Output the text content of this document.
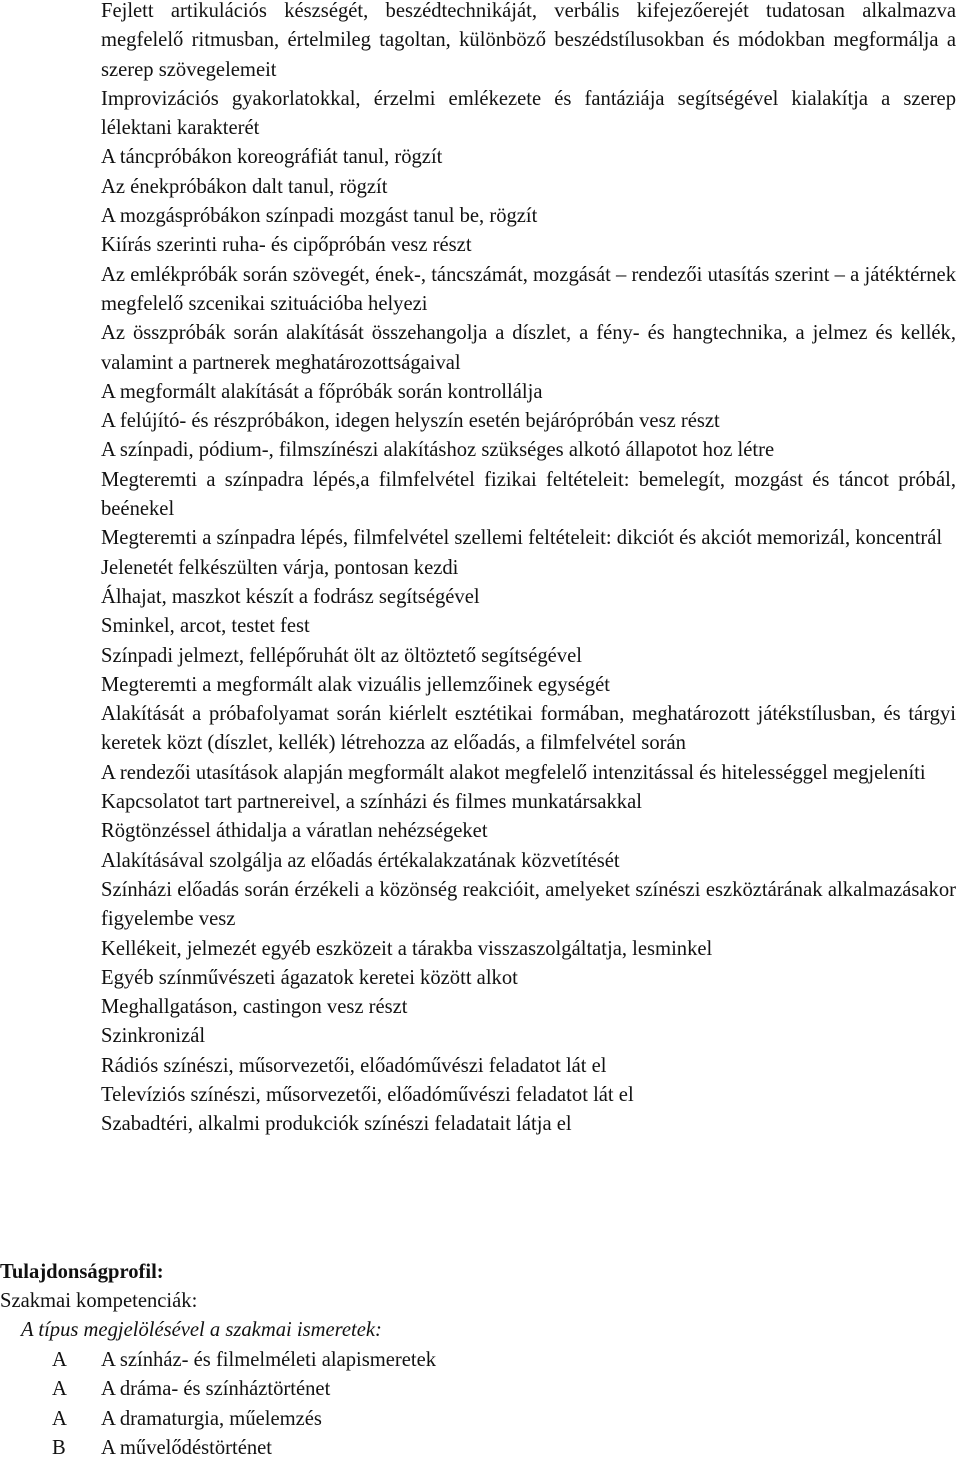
Fejlett artikulációs készségét, beszédtechnikáját, verbális kifejezőerejét tudatosan alkalmazva megfelelő ritmusban, értelmileg tagoltan, különböző beszédstílusokban és módokban megformálja a szerep szövegelemeit
Improvizációs gyakorlatokkal, érzelmi emlékezete és fantáziája segítségével kialakítja a szerep lélektani karakterét
A táncpróbákon koreográfiát tanul, rögzít
Az énekpróbákon dalt tanul, rögzít
A mozgáspróbákon színpadi mozgást tanul be, rögzít
Kiírás szerinti ruha- és cipőpróbán vesz részt
Az emlékpróbák során szövegét, ének-, táncszámát, mozgását – rendezői utasítás szerint – a játéktérnek megfelelő szcenikai szituációba helyezi
Az összpróbák során alakítását összehangolja a díszlet, a fény- és hangtechnika, a jelmez és kellék, valamint a partnerek meghatározottságaival
A megformált alakítását a főpróbák során kontrollálja
A felújító- és részpróbákon, idegen helyszín esetén bejárópróbán vesz részt
A színpadi, pódium-, filmszínészi alakításhoz szükséges alkotó állapotot hoz létre
Megteremti a színpadra lépés,a filmfelvétel fizikai feltételeit: bemelegít, mozgást és táncot próbál, beénekel
Megteremti a színpadra lépés, filmfelvétel szellemi feltételeit: dikciót és akciót memorizál, koncentrál
Jelenetét felkészülten várja, pontosan kezdi
Álhajat, maszkot készít a fodrász segítségével
Sminkel, arcot, testet fest
Színpadi jelmezt, fellépőruhát ölt az öltöztető segítségével
Megteremti a megformált alak vizuális jellemzőinek egységét
Alakítását a próbafolyamat során kiérlelt esztétikai formában, meghatározott játékstílusban, és tárgyi keretek közt (díszlet, kellék) létrehozza az előadás, a filmfelvétel során
A rendezői utasítások alapján megformált alakot megfelelő intenzitással és hitelességgel megjeleníti
Kapcsolatot tart partnereivel, a színházi és filmes munkatársakkal
Rögtönzéssel áthidalja a váratlan nehézségeket
Alakításával szolgálja az előadás értékalakzatának közvetítését
Színházi előadás során érzékeli a közönség reakcióit, amelyeket színészi eszköztárának alkalmazásakor figyelembe vesz
Kellékeit, jelmezét egyéb eszközeit a tárakba visszaszolgáltatja, lesminkel
Egyéb színművészeti ágazatok keretei között alkot
Meghallgatáson, castingon vesz részt
Szinkronizál
Rádiós színészi, műsorvezetői, előadóművészi feladatot lát el
Televíziós színészi, műsorvezetői, előadóművészi feladatot lát el
Szabadtéri, alkalmi produkciók színészi feladatait látja el

Tulajdonságprofil:

Szakmai kompetenciák:

A típus megjelölésével a szakmai ismeretek:

A A színház- és filmelméleti alapismeretek
A A dráma- és színháztörténet
A A dramaturgia, műelemzés
B A művelődéstörténet
